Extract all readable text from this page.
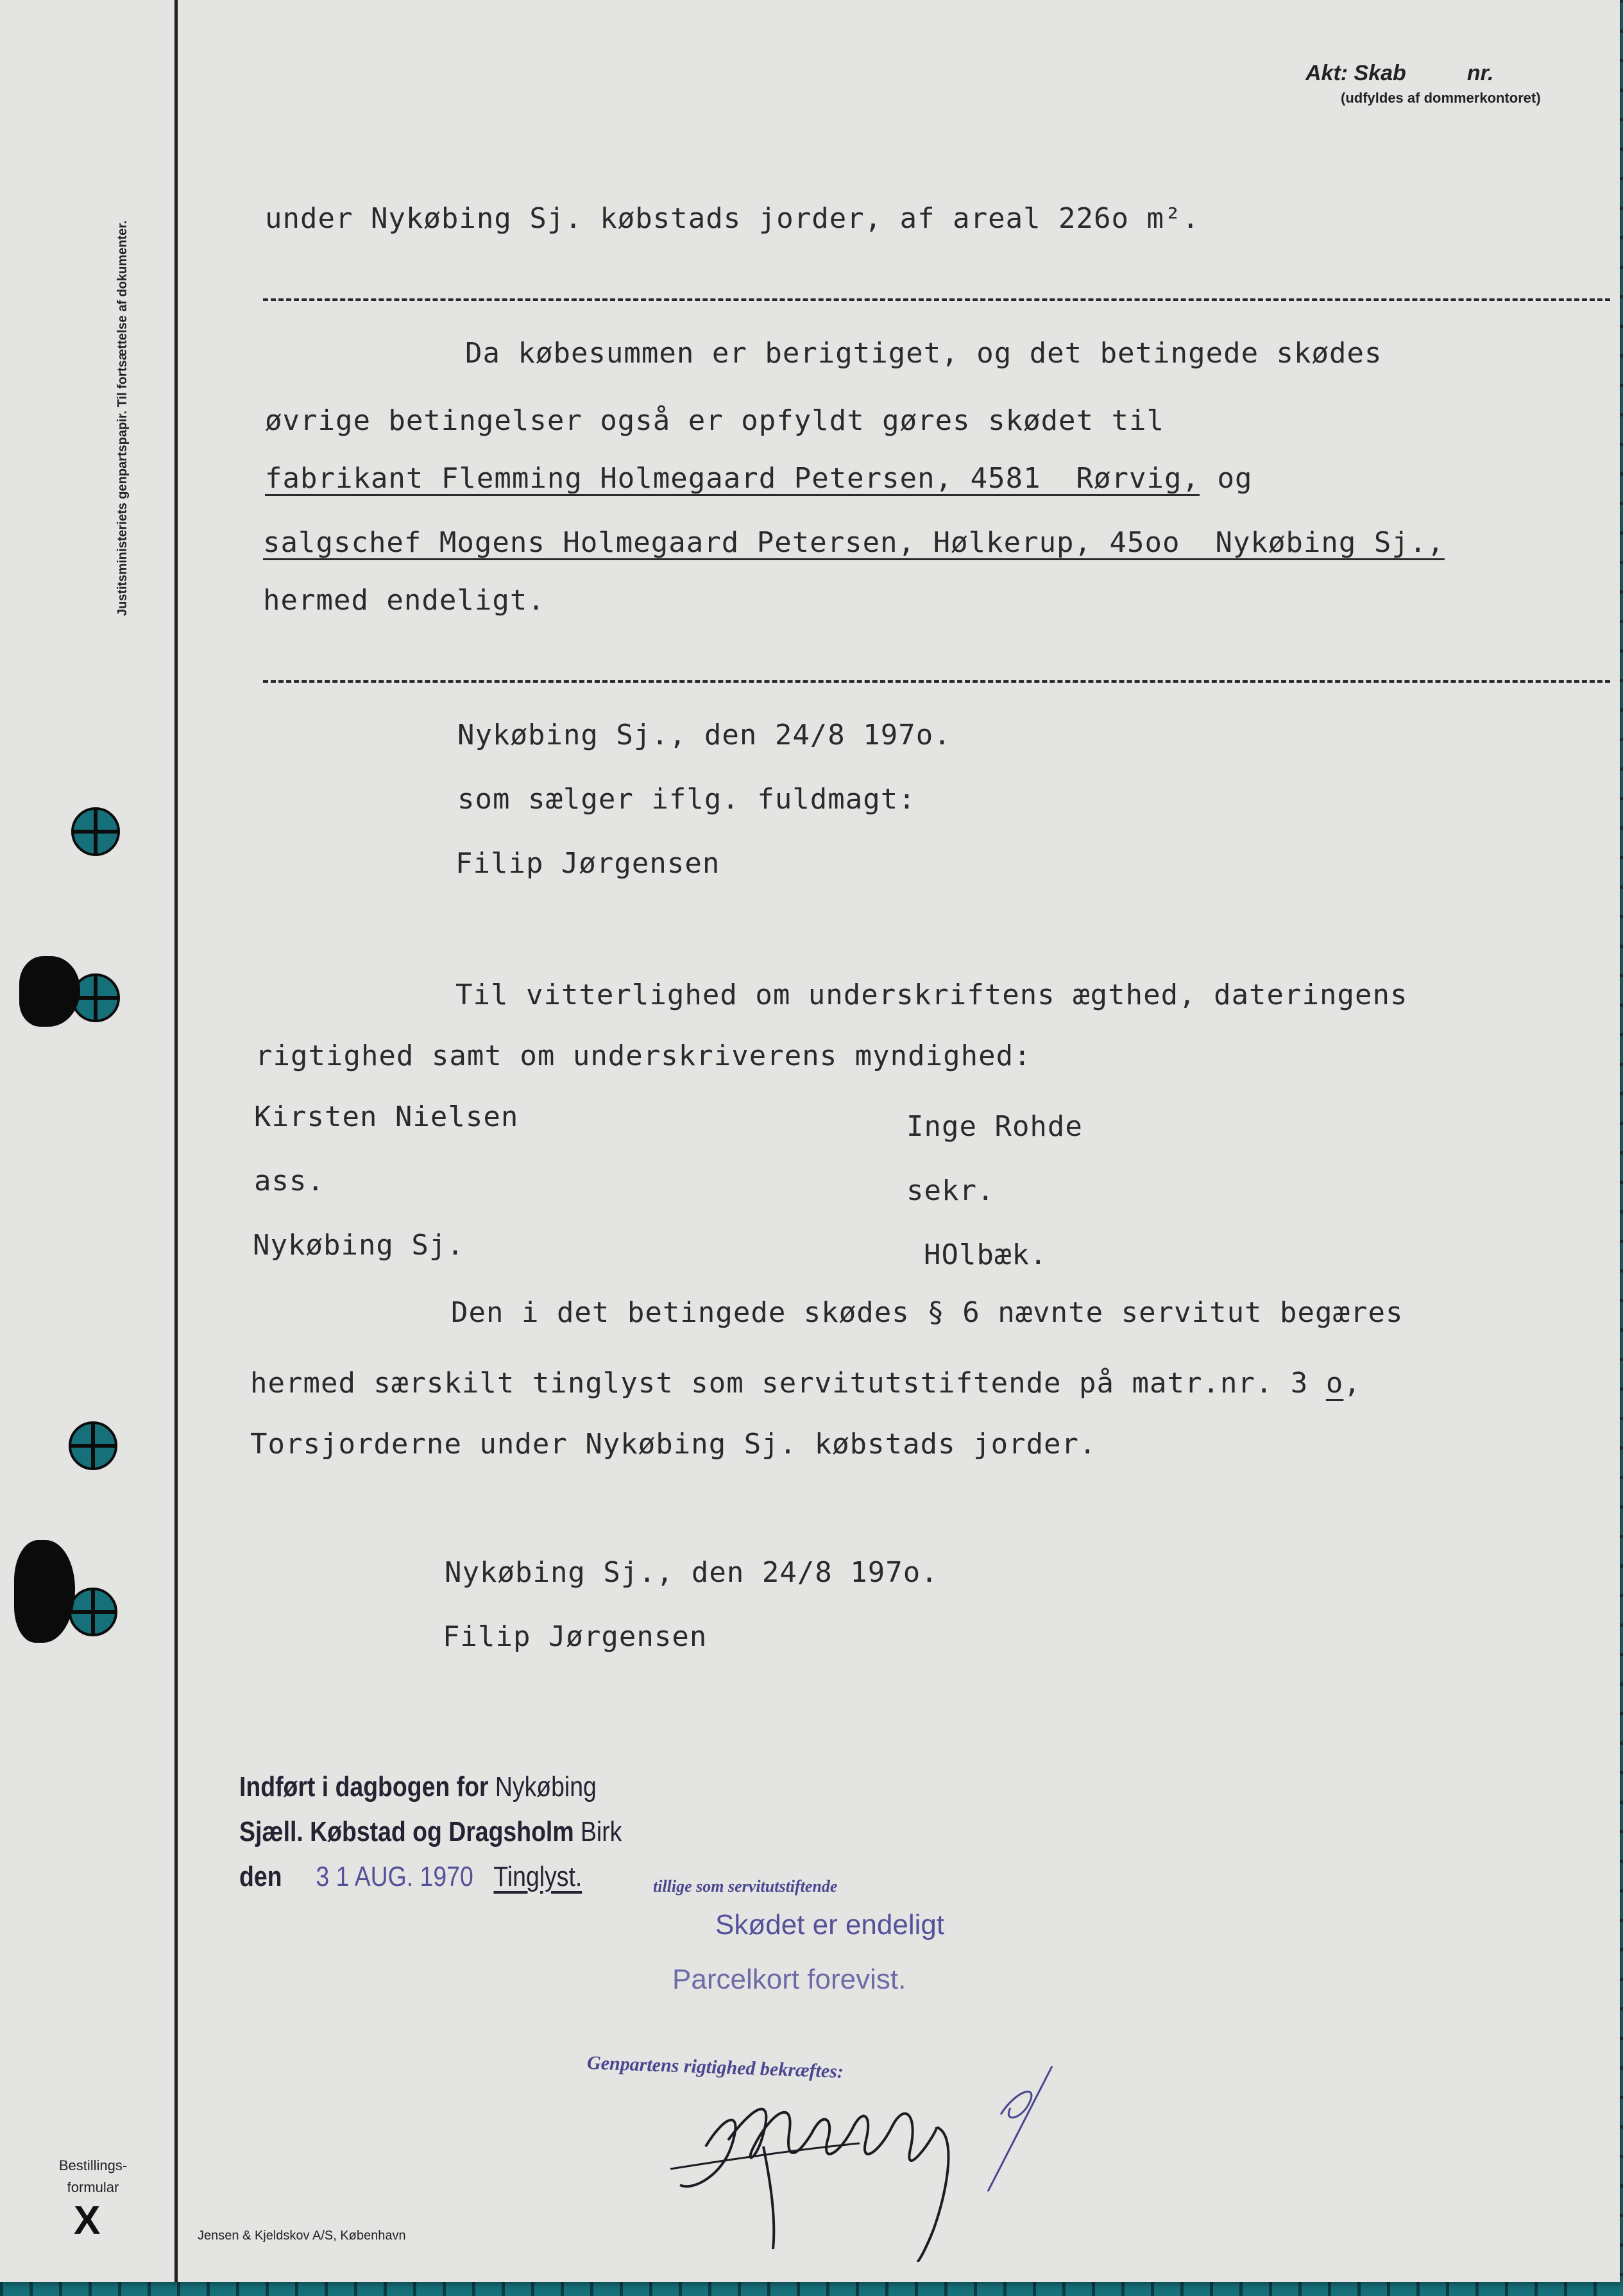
Justitsministeriets genpartspapir. Til fortsættelse af dokumenter.
Akt: Skab	nr.
(udfyldes af dommerkontoret)
under Nykøbing Sj. købstads jorder, af areal 226o m².
Da købesummen er berigtiget, og det betingede skødes
øvrige betingelser også er opfyldt gøres skødet til
fabrikant Flemming Holmegaard Petersen, 4581  Rørvig, og
salgschef Mogens Holmegaard Petersen, Hølkerup, 45oo  Nykøbing Sj.,
hermed endeligt.
Nykøbing Sj., den 24/8 197o.
som sælger iflg. fuldmagt:
Filip Jørgensen
Til vitterlighed om underskriftens ægthed, dateringens
rigtighed samt om underskriverens myndighed:
Kirsten Nielsen
ass.
Nykøbing Sj.
Inge Rohde
sekr.
HOlbæk.
Den i det betingede skødes § 6 nævnte servitut begæres
hermed særskilt tinglyst som servitutstiftende på matr.nr. 3 o,
Torsjorderne under Nykøbing Sj. købstads jorder.
Nykøbing Sj., den 24/8 197o.
Filip Jørgensen
Indført i dagbogen for Nykøbing
Sjæll. Købstad og Dragsholm Birk
den 3 1 AUG. 1970 Tinglyst.	tillige som servitutstiftende
Skødet er endeligt
Parcelkort forevist.
Genpartens rigtighed bekræftes:
Bestillings-
formular
X	Jensen & Kjeldskov A/S, København
